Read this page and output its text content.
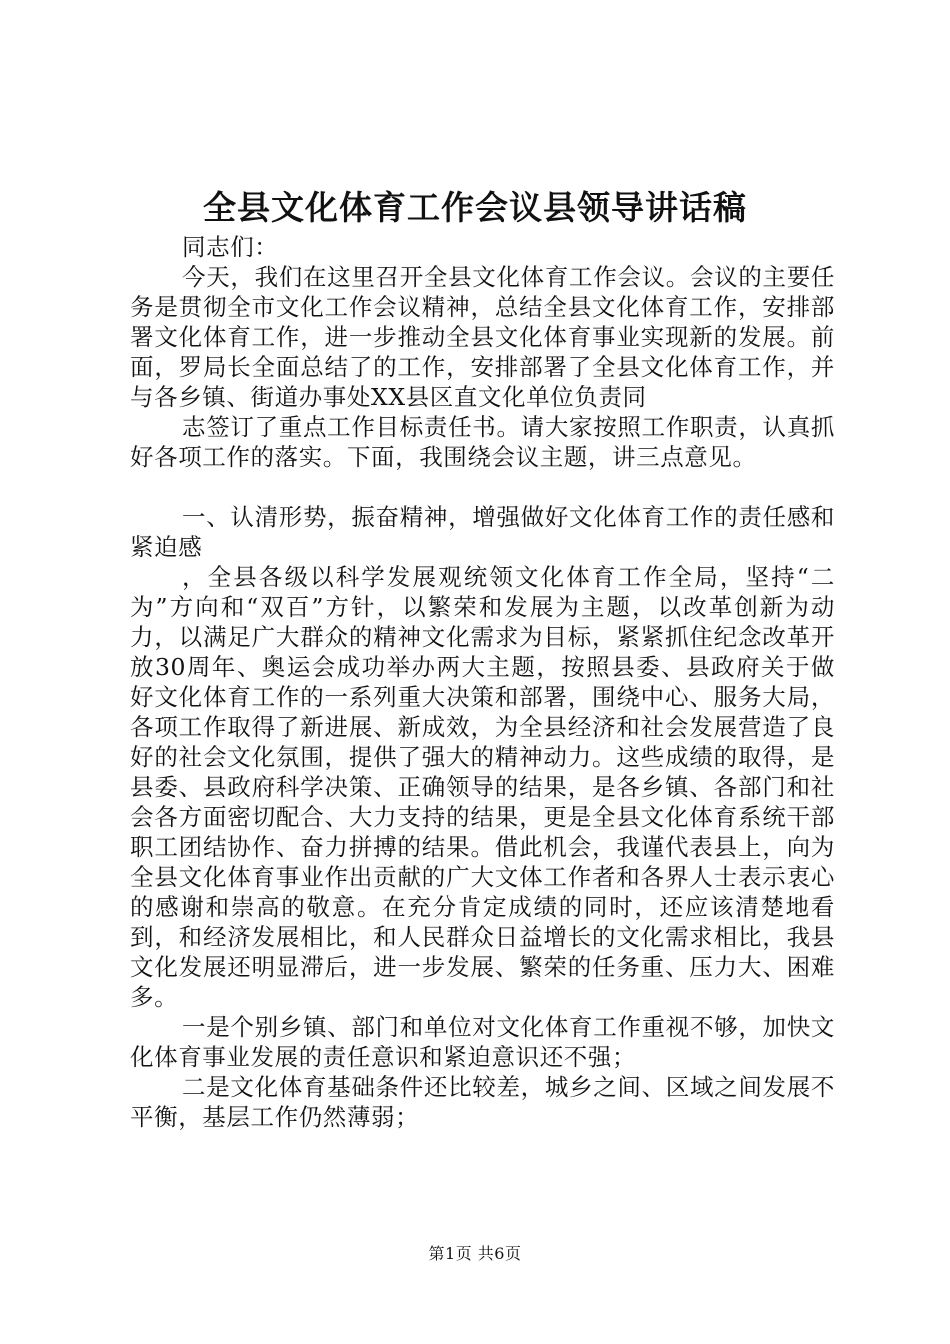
全县文化体育工作会议县领导讲话稿

同志们：

今天，我们在这里召开全县文化体育工作会议。会议的主要任务是贯彻全市文化工作会议精神，总结全县文化体育工作，安排部署文化体育工作，进一步推动全县文化体育事业实现新的发展。前面，罗局长全面总结了的工作，安排部署了全县文化体育工作，并与各乡镇、街道办事处XX县区直文化单位负责同

志签订了重点工作目标责任书。请大家按照工作职责，认真抓好各项工作的落实。下面，我围绕会议主题，讲三点意见。

一、认清形势，振奋精神，增强做好文化体育工作的责任感和紧迫感

，全县各级以科学发展观统领文化体育工作全局，坚持“二为”方向和“双百”方针，以繁荣和发展为主题，以改革创新为动力，以满足广大群众的精神文化需求为目标，紧紧抓住纪念改革开放30周年、奥运会成功举办两大主题，按照县委、县政府关于做好文化体育工作的一系列重大决策和部署，围绕中心、服务大局，各项工作取得了新进展、新成效，为全县经济和社会发展营造了良好的社会文化氛围，提供了强大的精神动力。这些成绩的取得，是县委、县政府科学决策、正确领导的结果，是各乡镇、各部门和社会各方面密切配合、大力支持的结果，更是全县文化体育系统干部职工团结协作、奋力拼搏的结果。借此机会，我谨代表县上，向为全县文化体育事业作出贡献的广大文体工作者和各界人士表示衷心的感谢和崇高的敬意。在充分肯定成绩的同时，还应该清楚地看到，和经济发展相比，和人民群众日益增长的文化需求相比，我县文化发展还明显滞后，进一步发展、繁荣的任务重、压力大、困难多。

一是个别乡镇、部门和单位对文化体育工作重视不够，加快文化体育事业发展的责任意识和紧迫意识还不强；

二是文化体育基础条件还比较差，城乡之间、区域之间发展不平衡，基层工作仍然薄弱；

第1页 共6页
